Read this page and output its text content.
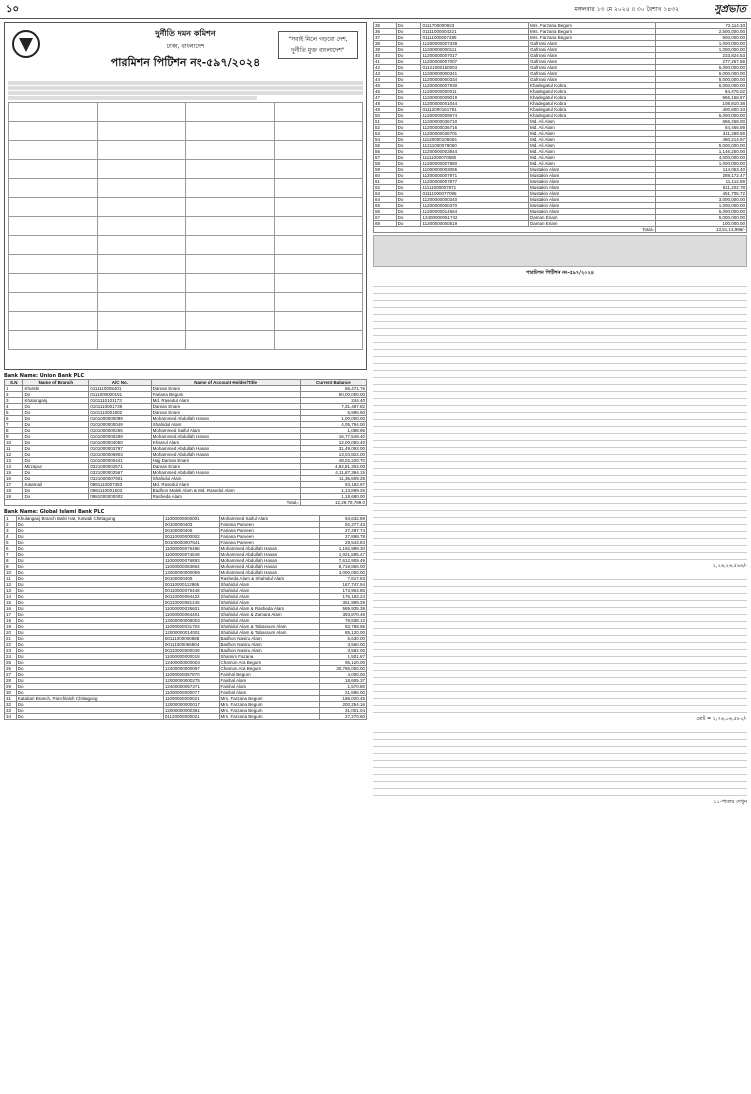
১০	মঙ্গলবার ১৩ মে ২০২৫ ॥ ৩০ বৈশাখ ১৪৩২	সুপ্রভাত
দুর্নীতি দমন কমিশন
ঢাকা, বাংলাদেশ
পারমিশন পিটিশন নং-৫৯৭/২০২৪
"সবাই মিলে গড়বো দেশ, দুর্নীতি মুক্ত বাংলাদেশ"

Bank Name: Union Bank PLC
S.N	Name of Branch	A/C No.	Name of Account Holder/Title	Current Balance
1	Khulshi	0111110005401	Daman Enam	66,471.76
2	Do	0111000000151	Fariana Begum	50,00,000.00
3	Khatunganj	0101110101173	Md. Rasedul Alam	244.40
4	Do	0101110001739	Daman Enam	7,31,487.82
5	Do	0101110001802	Daman Enam	5,995.90
6	Do	0101000000099	Mohammed Abdullah Hasan	1,00,000.00
7	Do	0101000000049	Shahidul Alam	4,05,794.00
8	Do	0101000000265	Mohammed Saiful Alam	1,088.96
9	Do	0101000000289	Mohammed Abdullah Hasan	16,77,549.40
10	Do	0101000004050	Khasrul Alam	12,00,050.40
11	Do	0101000003797	Mohammed Abdullah Hasan	31,49,093.00
12	Do	0101000006903	Mohammed Abdullah Hasan	13,04,822.00
13	Do	0101000000441	Hajj Daman Enam	48,02,220.70
14	Mirzapur	0321000002571	Daman Enam	4,84,81,304.00
15	Do	0321000002567	Mohammed Abdullah Hasan	4,11,87,394.15
16	Do	0321000007901	Shahidul Alam	11,36,609.28
17	Katamail	0981110007353	Md. Rasedul Alam	93,182.97
18	Do	0981110001503	Badhon Malek Alam & Md. Rasedul Alam	1,13,899.28
19	Do	0981000000002	Rasheda Alam	1,18,680.00
Total=				12,29,79,799.0
Bank Name: Global Islami Bank PLC
1	Khulanganj Branch Baliri Hat, Kotwali Chittagong	11000000000001	Mohammed Saiful Alam	93,632.89
2	Do	00100000403	Fariana Parveen	92,377.43
3	Do	00100000406	Fariana Parveen	27,497.74
4	Do	00110000000002	Fariana Parveen	27,898.78
5	Do	00100000007641	Fariana Parveen	28,543.84
6	Do	11000000076488	Mohammed Abdullah Hasan	1,192,989.30
7	Do	11000000074549	Mohammed Abdullah Hasan	1,021,595.47
8	Do	11000000076893	Mohammed Abdullah Hasan	7,612,909.49
9	Do	11000000083864	Mohammed Abdullah Hasan	8,718,856.00
10	Do	12000000000059	Mohammed Abdullah Hasan	3,000,000.00
11	Do	00100000409	Rasheda Alam & Shahidul Alam	7,617.53
12	Do	00110000112965	Shahidul Alam	167,747.94
13	Do	00110000075448	Shahidul Alam	173,904.85
14	Do	00110000094422	Shahidul Alam	176,192.24
15	Do	00110000081445	Shahidul Alam	351,989.29
16	Do	11000000035601	Shahidul Alam & Rasheda Alam	595,935.39
17	Do	11000000064401	Shahidul Alam & Zamara Alam	393,870.49
18	Do	12000000006002	Shahidul Alam	79,838.12
19	Do	11000000031703	Shahidul Alam & Tabassum Alam	83,788.96
20	Do	12000000014001	Shahidul Alam & Tabassum Alam	85,120.00
21	Do	00111000000888	Badhon Nasiru Alam	5,630.00
22	Do	00111000065804	Badhon Nasiru Alam	3,560.00
23	Do	00110000000049	Badhon Nasiru Alam	3,582.00
24	Do	11000000000018	Shamim Fazana	1,501.67
25	Do	12400000000004	Chamon Ara Begum	95,120.00
26	Do	12400000000097	Chamon Ara Begum	30,765,000.00
27	Do	11000000057870	Faishal Begum	4,000.00
28	Do	12000000000275	Faishal Alam	18,605.37
29	Do	12400000057371	Faishal Alam	1,570.80
30	Do	11000000000077	Faishal Alam	21,695.00
31	Katabari Branch, Panchlaish Chittagong	11000000000021	Mrs. Farzana Begum	186,020.45
32	Do	12000000000017	Mrs. Farzana Begum	200,254.16
33	Do	12000000000361	Mrs. Farzana Begum	31,001.04
34	Do	01120000000021	Mrs. Farzana Begum	27,270.60
35	Do	0111700000923	Mrs. Farzana Begum	72,114.33
36	Do	01111000004221	Mrs. Farzana Begum	2,500,000.00
37	Do	01111000097485	Mrs. Farzana Begum	500,000.00
38	Do	11200000007338	Gafrrasi Alam	1,000,000.00
39	Do	11200000000111	Gafrrasi Alam	1,000,000.00
40	Do	11200000007017	Gafrrasi Alam	233,824.53
41	Do	11200000007007	Gafrrasi Alam	277,267.56
42	Do	01121000150004	Gafrrasi Alam	5,000,000.00
43	Do	11200000000341	Gafrrasi Alam	5,000,000.00
44	Do	11200000000334	Gafrrasi Alam	5,000,000.00
45	Do	11200000007930	Khadegatul Kobra	5,000,000.00
46	Do	11200000000011	Khadegatul Kobra	84,476.02
47	Do	11200000009019	Khadegatul Kobra	956,168.87
48	Do	11200000001044	Khadegatul Kobra	108,810.38
49	Do	01112000161761	Khadegatul Kobra	400,800.33
50	Do	11200000009574	Khadegatul Kobra	5,000,000.00
51	Do	11200000036710	Md. Ali Alam	656,258.00
52	Do	11200000036716	Md. Ali Alam	84,465.89
53	Do	11200000036701	Md. Ali Alam	311,289.56
54	Do	11120000106004	Md. Ali Alam	480,214.97
55	Do	11211000078060	Md. Ali Alam	5,000,000.00
56	Do	11200000003844	Md. Ali Alam	1,146,250.00
57	Do	11111000070580	Md. Ali Alam	4,000,000.00
58	Do	11200000007860	Md. Ali Alam	1,000,000.00
59	Do	11000000003055	Mustakin Alam	114,053.40
60	Do	11200000007971	Mustakin Alam	288,172.47
61	Do	11200000007877	Mustakin Alam	11,112.89
62	Do	11111000007871	Mustakin Alam	811,202.78
63	Do	01111000077095	Mustakin Alam	451,705.72
64	Do	11200000000340	Mustakin Alam	3,000,000.00
65	Do	11200000000370	Mustakin Alam	1,000,000.00
66	Do	11200000014564	Mustakin Alam	5,000,000.00
67	Do	12400000051742	Daman Enam	5,000,000.00
68	Do	11200000000519	Daman Enam	100,000.00
Total=				13,51,13,998/-
পারমিশন পিটিশন নং-৫৯৭/২০২৪
২,২৬,২৬,৫৯৬/-
মোট = ২,৭৬,০৬,৫৮০/-
১১-পাতায় দেখুন
